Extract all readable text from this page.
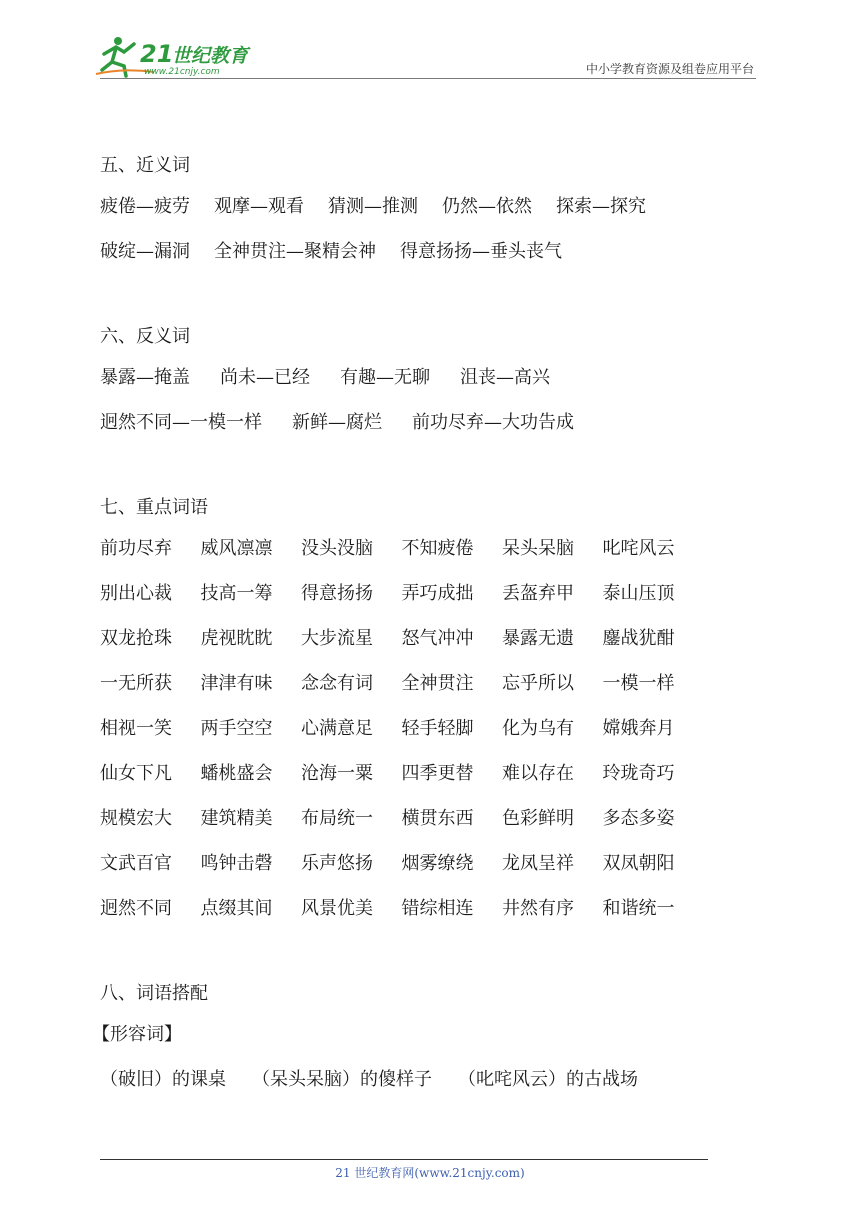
21
世纪教育
www.21cnjy.com	中小学教育资源及组卷应用平台
五、近义词
疲倦—疲劳 观摩—观看 猜测—推测 仍然—依然 探索—探究
破绽—漏洞 全神贯注—聚精会神 得意扬扬—垂头丧气
六、反义词
暴露—掩盖 尚未—已经 有趣—无聊 沮丧—高兴
迥然不同—一模一样 新鲜—腐烂 前功尽弃—大功告成
七、重点词语
前功尽弃 威风凛凛 没头没脑 不知疲倦 呆头呆脑 叱咤风云
别出心裁 技高一筹 得意扬扬 弄巧成拙 丢盔弃甲 泰山压顶
双龙抢珠 虎视眈眈 大步流星 怒气冲冲 暴露无遗 鏖战犹酣
一无所获 津津有味 念念有词 全神贯注 忘乎所以 一模一样
相视一笑 两手空空 心满意足 轻手轻脚 化为乌有 嫦娥奔月
仙女下凡 蟠桃盛会 沧海一粟 四季更替 难以存在 玲珑奇巧
规模宏大 建筑精美 布局统一 横贯东西 色彩鲜明 多态多姿
文武百官 鸣钟击磬 乐声悠扬 烟雾缭绕 龙凤呈祥 双凤朝阳
迥然不同 点缀其间 风景优美 错综相连 井然有序 和谐统一
八、词语搭配
【形容词】
（破旧）的课桌 （呆头呆脑）的傻样子 （叱咤风云）的古战场
21 世纪教育网(www.21cnjy.com)
